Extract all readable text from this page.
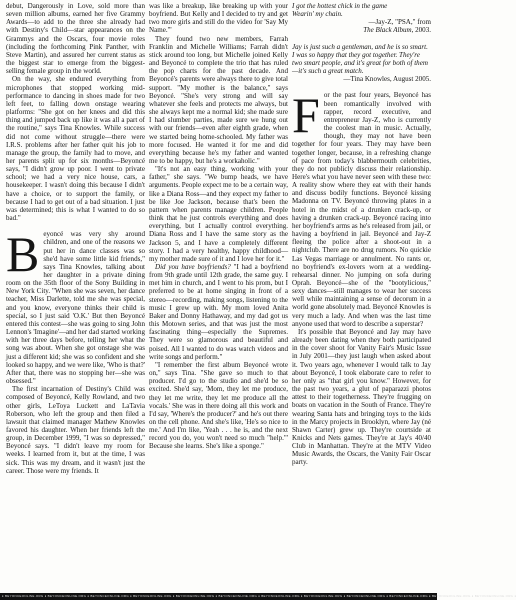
debut, Dangerously in Love, sold more than seven million albums, earned her five Grammy Awards—to add to the three she already had with Destiny's Child—star appearances on the Grammys and the Oscars, four movie roles (including the forthcoming Pink Panther, with Steve Martin), and assured her current status as the biggest star to emerge from the biggest-selling female group in the world.

On the way, she endured everything from microphones that stopped working mid-performance to dancing in shoes made for two left feet, to falling down onstage wearing platforms: "She got on her knees and did this thing and jumped back up like it was all a part of the routine," says Tina Knowles. While success did not come without struggle—there were I.R.S. problems after her father quit his job to manage the group, the family had to move, and her parents split up for six months—Beyoncé says, "I didn't grow up poor. I went to private school; we had a very nice house, cars, a housekeeper. I wasn't doing this because I didn't have a choice, or to support the family, or because I had to get out of a bad situation. I just was determined; this is what I wanted to do so bad."

Beyoncé was very shy around children, and one of the reasons we put her in dance classes was so she'd have some little kid friends," says Tina Knowles, talking about her daughter in a private dining room on the 35th floor of the Sony Building in New York City. "When she was seven, her dance teacher, Miss Darlette, told me she was special, and you know, everyone thinks their child is special, so I just said 'O.K.' But then Beyoncé entered this contest—she was going to sing John Lennon's 'Imagine'—and her dad started working with her three days before, telling her what the song was about. When she got onstage she was just a different kid; she was so confident and she looked so happy, and we were like, 'Who is that?' After that, there was no stopping her—she was obsessed."

The first incarnation of Destiny's Child was composed of Beyoncé, Kelly Rowland, and two other girls, LeToya Luckett and LaTavia Roberson, who left the group and then filed a lawsuit that claimed manager Mathew Knowles favored his daughter. When her friends left the group, in December 1999, "I was so depressed," Beyoncé says. "I didn't leave my room for weeks. I learned from it, but at the time, I was sick. This was my dream, and it wasn't just the career. Those were my friends. It

was like a breakup, like breaking up with your boyfriend. But Kelly and I decided to try and get two more girls and still do the video for 'Say My Name.'"

They found two new members, Farrah Franklin and Michelle Williams; Farrah didn't stick around too long, but Michelle joined Kelly and Beyoncé to complete the trio that has ruled the pop charts for the past decade. And Beyoncé's parents were always there to give total support. "My mother is the balance," says Beyoncé. "She's very strong and will say whatever she feels and protects me always, but she always kept me a normal kid; she made sure I had slumber parties, made sure we hung out with our friends—even after eighth grade, when we started being home-schooled. My father was more focused. He wanted it for me and did everything because he's my father and wanted me to be happy, but he's a workaholic."

"It's not an easy thing, working with your father," she says. "We bump heads, we have arguments. People expect me to be a certain way, like a Diana Ross—and they expect my father to be like Joe Jackson, because that's been the pattern when parents manage children. People think that he just controls everything and does everything, but I actually control everything. Diana Ross and I have the same story as the Jackson 5, and I have a completely different story. I had a very healthy, happy childhood—my mother made sure of it and I love her for it."

Did you have boyfriends? "I had a boyfriend from 9th grade until 12th grade, the same guy. I met him in church, and I went to his prom, but I preferred to be at home singing in front of a stereo—recording, making songs, listening to the music I grew up with. My mom loved Anita Baker and Donny Hathaway, and my dad got us this Motown series, and that was just the most fascinating thing—especially the Supremes. They were so glamorous and beautiful and poised. All I wanted to do was watch videos and write songs and perform."

"I remember the first album Beyoncé wrote on," says Tina. "She gave so much to that producer. I'd go to the studio and she'd be so excited. She'd say, 'Mom, they let me produce, they let me write, they let me produce all the vocals.' She was in there doing all this work and I'd say, 'Where's the producer?' and he's out there on the cell phone. And she's like, 'He's so nice to me.' And I'm like, 'Yeah . . . he is, and the next record you do, you won't need so much "help."' Because she learns. She's like a sponge."

I got the hottest chick in the game

Wearin' my chain.

—Jay-Z, "PSA," from
The Black Album, 2003.

Jay is just such a gentleman, and he is so smart. I was so happy that they got together. They're two smart people, and it's great for both of them—it's such a great match.

—Tina Knowles, August 2005.

For the past four years, Beyoncé has been romantically involved with rapper, record executive, and entrepreneur Jay-Z, who is currently the coolest man in music. Actually, though, they may not have been together for four years. They may have been together longer, because, in a refreshing change of pace from today's blabbermouth celebrities, they do not publicly discuss their relationship. Here's what you have never seen with these two: A reality show where they eat with their hands and discuss bodily functions. Beyoncé kissing Madonna on TV. Beyoncé throwing plates in a hotel in the midst of a drunken crack-up, or having a drunken crack-up. Beyoncé racing into her boyfriend's arms as he's released from jail, or having a boyfriend in jail. Beyoncé and Jay-Z fleeing the police after a shoot-out in a nightclub. There are no drug rumors. No quickie Las Vegas marriage or annulment. No rants or, no boyfriend's ex-lovers worn at a wedding-rehearsal dinner. No jumping on sofa during Oprah. Beyoncé—she of the "bootylicious," sexy dances—still manages to wear her success well while maintaining a sense of decorum in a world gone absolutely mad. Beyoncé Knowles is very much a lady. And when was the last time anyone used that word to describe a superstar?

It's possible that Beyoncé and Jay may have already been dating when they both participated in the cover shoot for Vanity Fair's Music Issue in July 2001—they just laugh when asked about it. Two years ago, whenever I would talk to Jay about Beyoncé, I took elaborate care to refer to her only as "that girl you know." However, for the past two years, a glut of paparazzi photos attest to their togetherness. They're frugging on boats on vacation in the South of France. They're wearing Santa hats and bringing toys to the kids in the Marcy projects in Brooklyn, where Jay (né Shawn Carter) grew up. They're courtside at Knicks and Nets games. They're at Jay's 40/40 Club in Manhattan. They're at the MTV Video Music Awards, the Oscars, the Vanity Fair Oscar party.

♦ BEYONCEONLINE.ORG ♦ BEYONCEONLINE.ORG ♦ BEYONCEONLINE.ORG ♦ BEYONCEONLINE.ORG ♦ BEYONCEONLINE.ORG ♦ BEYONCEONLINE.ORG ♦ BEYONCEONLINE.ORG ♦ BEYONCEONLINE.ORG ♦ BEYONCEONLINE.ORG ♦ BEYONCEONLINE.ORG ♦ BEYONCEONLINE.ORG ♦ BEYONCEONLINE.ORG ♦
